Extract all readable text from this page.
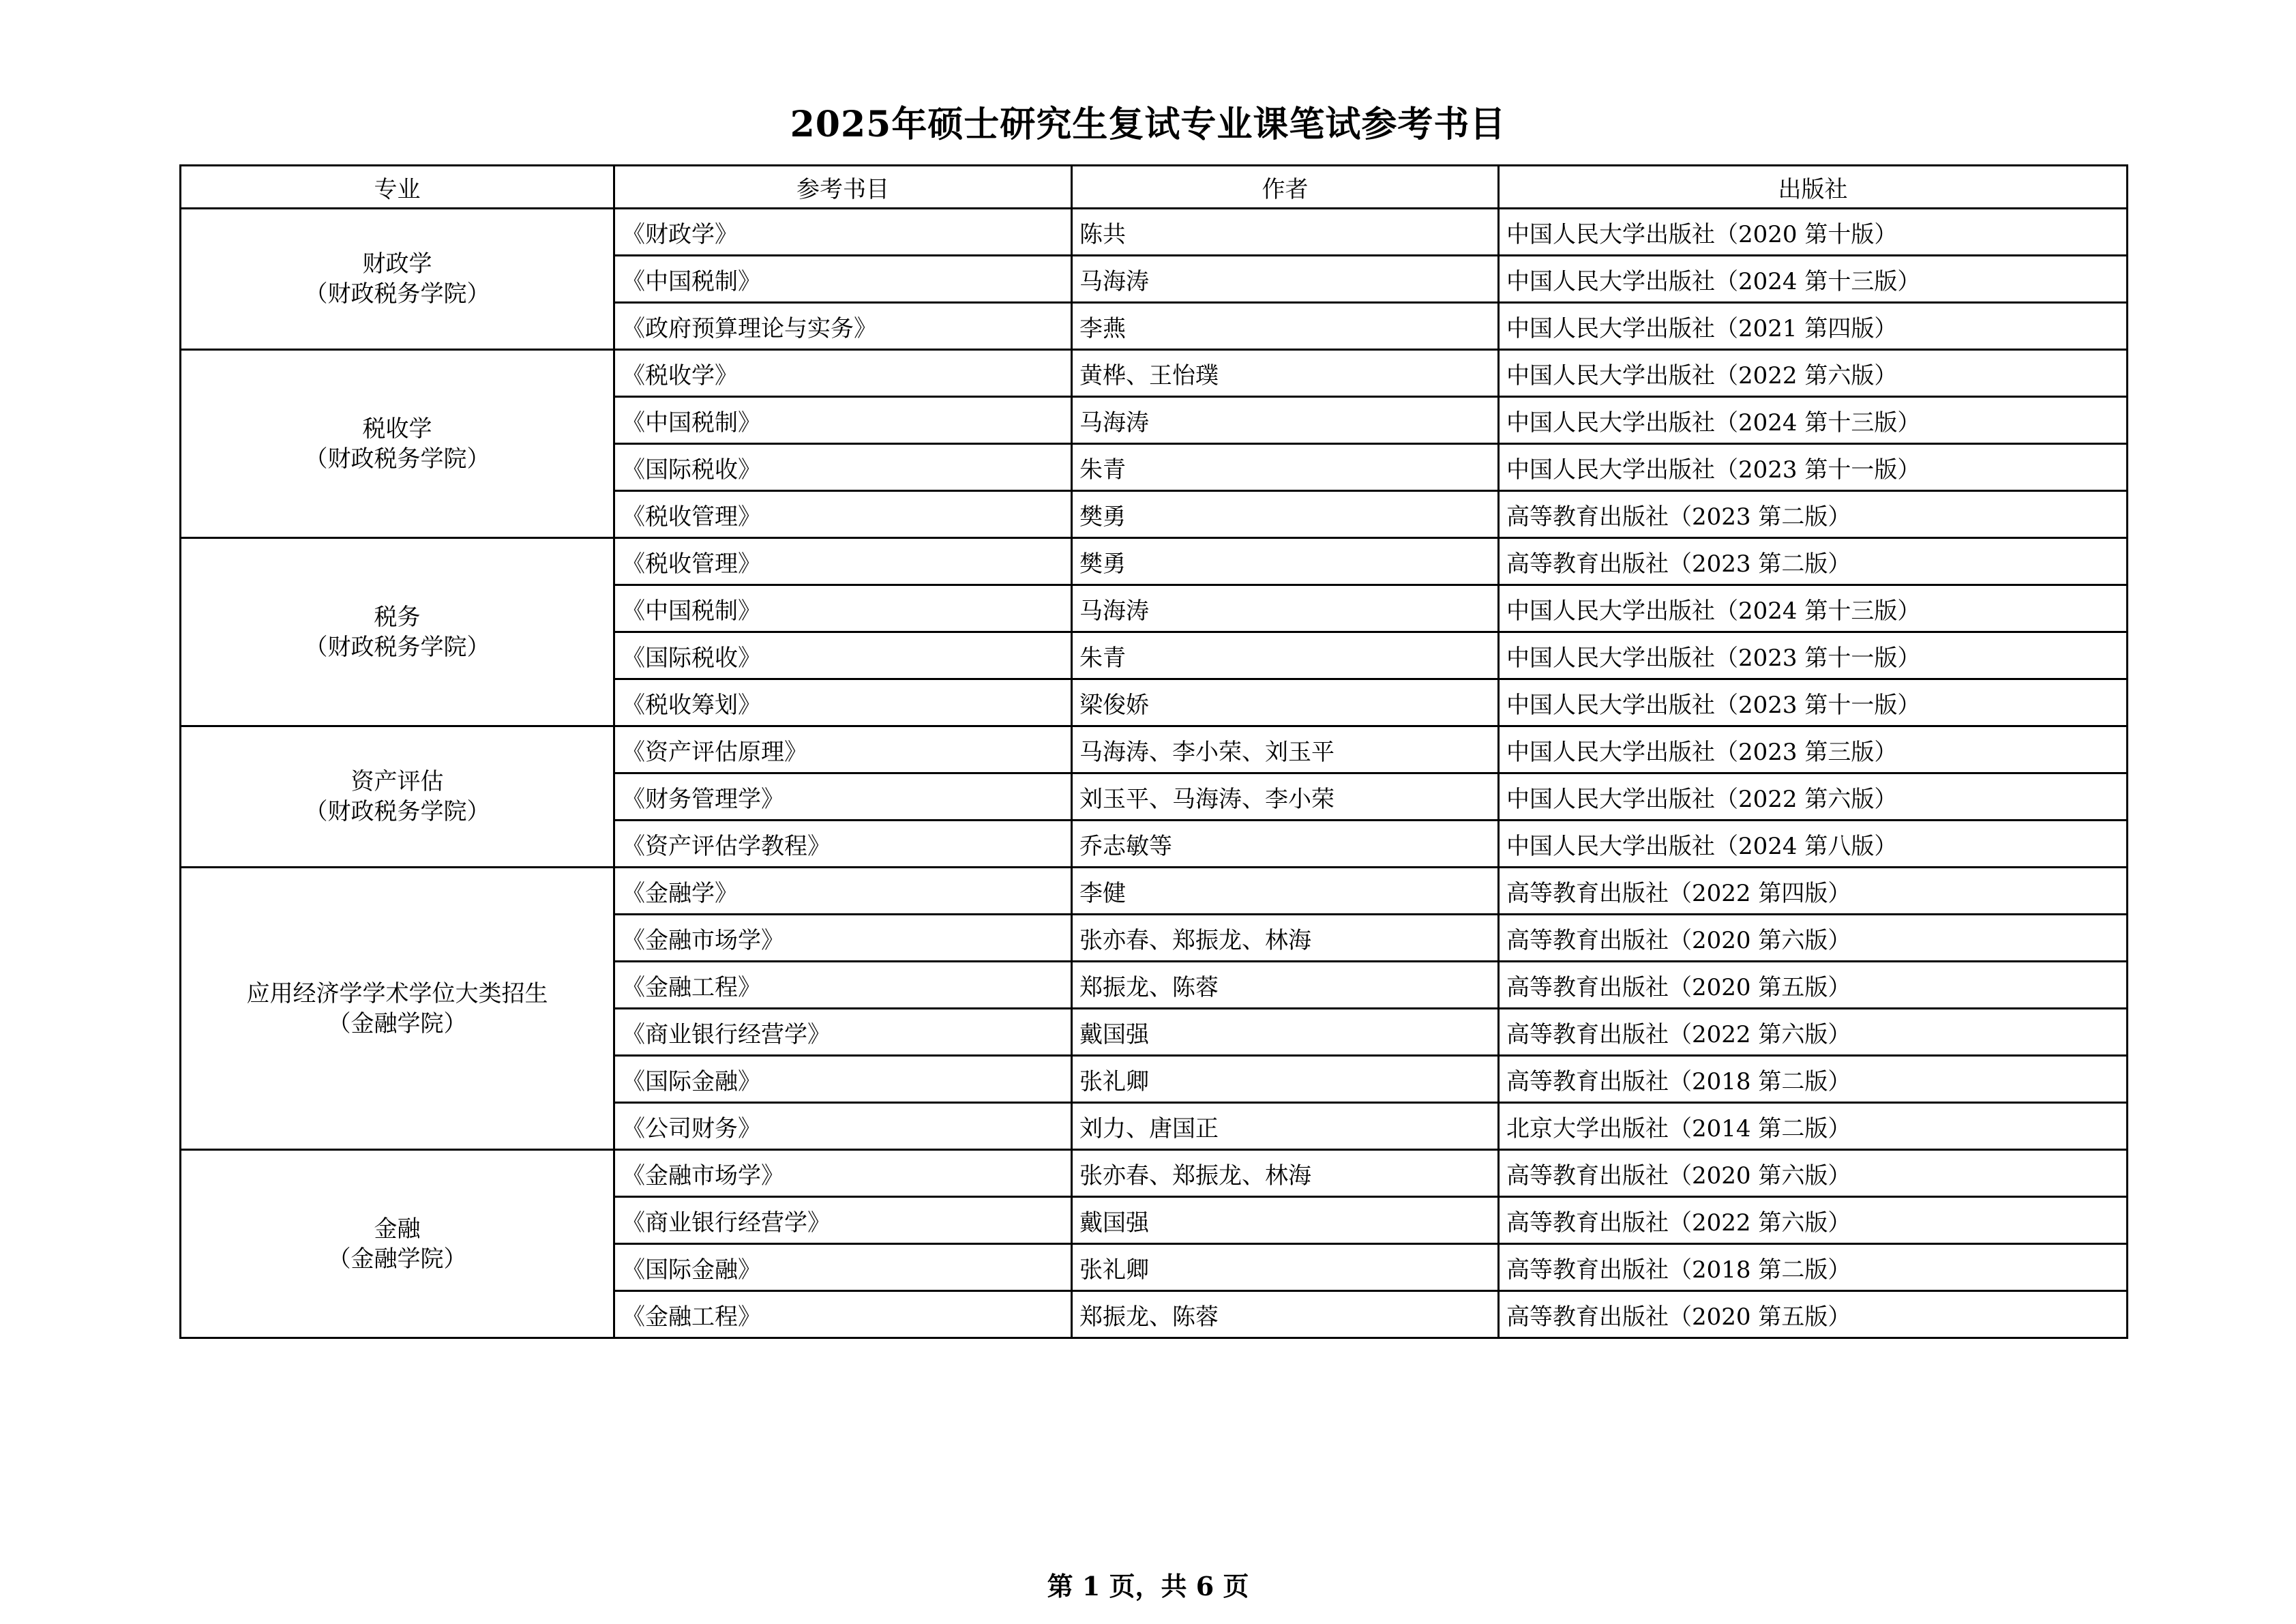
2025年硕士研究生复试专业课笔试参考书目
专业	参考书目	作者	出版社

财政学
（财政税务学院）	《财政学》	陈共	中国人民大学出版社（2020 第十版）
	《中国税制》	马海涛	中国人民大学出版社（2024 第十三版）
	《政府预算理论与实务》	李燕	中国人民大学出版社（2021 第四版）

税收学
（财政税务学院）	《税收学》	黄桦、王怡璞	中国人民大学出版社（2022 第六版）
	《中国税制》	马海涛	中国人民大学出版社（2024 第十三版）
	《国际税收》	朱青	中国人民大学出版社（2023 第十一版）
	《税收管理》	樊勇	高等教育出版社（2023 第二版）

税务
（财政税务学院）	《税收管理》	樊勇	高等教育出版社（2023 第二版）
	《中国税制》	马海涛	中国人民大学出版社（2024 第十三版）
	《国际税收》	朱青	中国人民大学出版社（2023 第十一版）
	《税收筹划》	梁俊娇	中国人民大学出版社（2023 第十一版）

资产评估
（财政税务学院）	《资产评估原理》	马海涛、李小荣、刘玉平	中国人民大学出版社（2023 第三版）
	《财务管理学》	刘玉平、马海涛、李小荣	中国人民大学出版社（2022 第六版）
	《资产评估学教程》	乔志敏等	中国人民大学出版社（2024 第八版）

应用经济学学术学位大类招生
（金融学院）	《金融学》	李健	高等教育出版社（2022 第四版）
	《金融市场学》	张亦春、郑振龙、林海	高等教育出版社（2020 第六版）
	《金融工程》	郑振龙、陈蓉	高等教育出版社（2020 第五版）
	《商业银行经营学》	戴国强	高等教育出版社（2022 第六版）
	《国际金融》	张礼卿	高等教育出版社（2018 第二版）
	《公司财务》	刘力、唐国正	北京大学出版社（2014 第二版）

金融
（金融学院）	《金融市场学》	张亦春、郑振龙、林海	高等教育出版社（2020 第六版）
	《商业银行经营学》	戴国强	高等教育出版社（2022 第六版）
	《国际金融》	张礼卿	高等教育出版社（2018 第二版）
	《金融工程》	郑振龙、陈蓉	高等教育出版社（2020 第五版）
第 1 页，共 6 页
